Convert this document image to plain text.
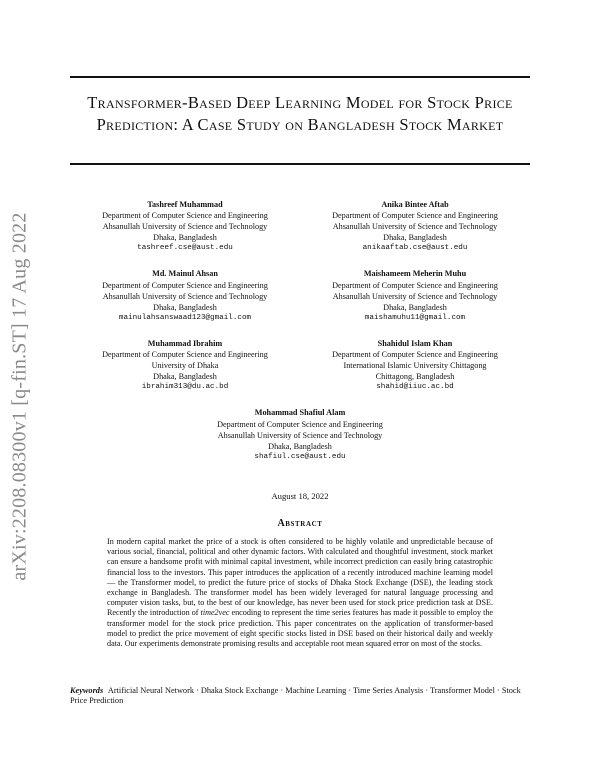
arXiv:2208.08300v1 [q-fin.ST] 17 Aug 2022
Transformer-Based Deep Learning Model for Stock Price Prediction: A Case Study on Bangladesh Stock Market
Tashreef Muhammad
Department of Computer Science and Engineering
Ahsanullah University of Science and Technology
Dhaka, Bangladesh
tashreef.cse@aust.edu
Anika Bintee Aftab
Department of Computer Science and Engineering
Ahsanullah University of Science and Technology
Dhaka, Bangladesh
anikaaftab.cse@aust.edu
Md. Mainul Ahsan
Department of Computer Science and Engineering
Ahsanullah University of Science and Technology
Dhaka, Bangladesh
mainulahsanswaad123@gmail.com
Maishameem Meherin Muhu
Department of Computer Science and Engineering
Ahsanullah University of Science and Technology
Dhaka, Bangladesh
maishamuhu11@gmail.com
Muhammad Ibrahim
Department of Computer Science and Engineering
University of Dhaka
Dhaka, Bangladesh
ibrahim313@du.ac.bd
Shahidul Islam Khan
Department of Computer Science and Engineering
International Islamic University Chittagong
Chittagong, Bangladesh
shahid@iiuc.ac.bd
Mohammad Shafiul Alam
Department of Computer Science and Engineering
Ahsanullah University of Science and Technology
Dhaka, Bangladesh
shafiul.cse@aust.edu
August 18, 2022
Abstract
In modern capital market the price of a stock is often considered to be highly volatile and unpredictable because of various social, financial, political and other dynamic factors. With calculated and thoughtful investment, stock market can ensure a handsome profit with minimal capital investment, while incorrect prediction can easily bring catastrophic financial loss to the investors. This paper introduces the application of a recently introduced machine learning model — the Transformer model, to predict the future price of stocks of Dhaka Stock Exchange (DSE), the leading stock exchange in Bangladesh. The transformer model has been widely leveraged for natural language processing and computer vision tasks, but, to the best of our knowledge, has never been used for stock price prediction task at DSE. Recently the introduction of time2vec encoding to represent the time series features has made it possible to employ the transformer model for the stock price prediction. This paper concentrates on the application of transformer-based model to predict the price movement of eight specific stocks listed in DSE based on their historical daily and weekly data. Our experiments demonstrate promising results and acceptable root mean squared error on most of the stocks.
Keywords Artificial Neural Network · Dhaka Stock Exchange · Machine Learning · Time Series Analysis · Transformer Model · Stock Price Prediction
